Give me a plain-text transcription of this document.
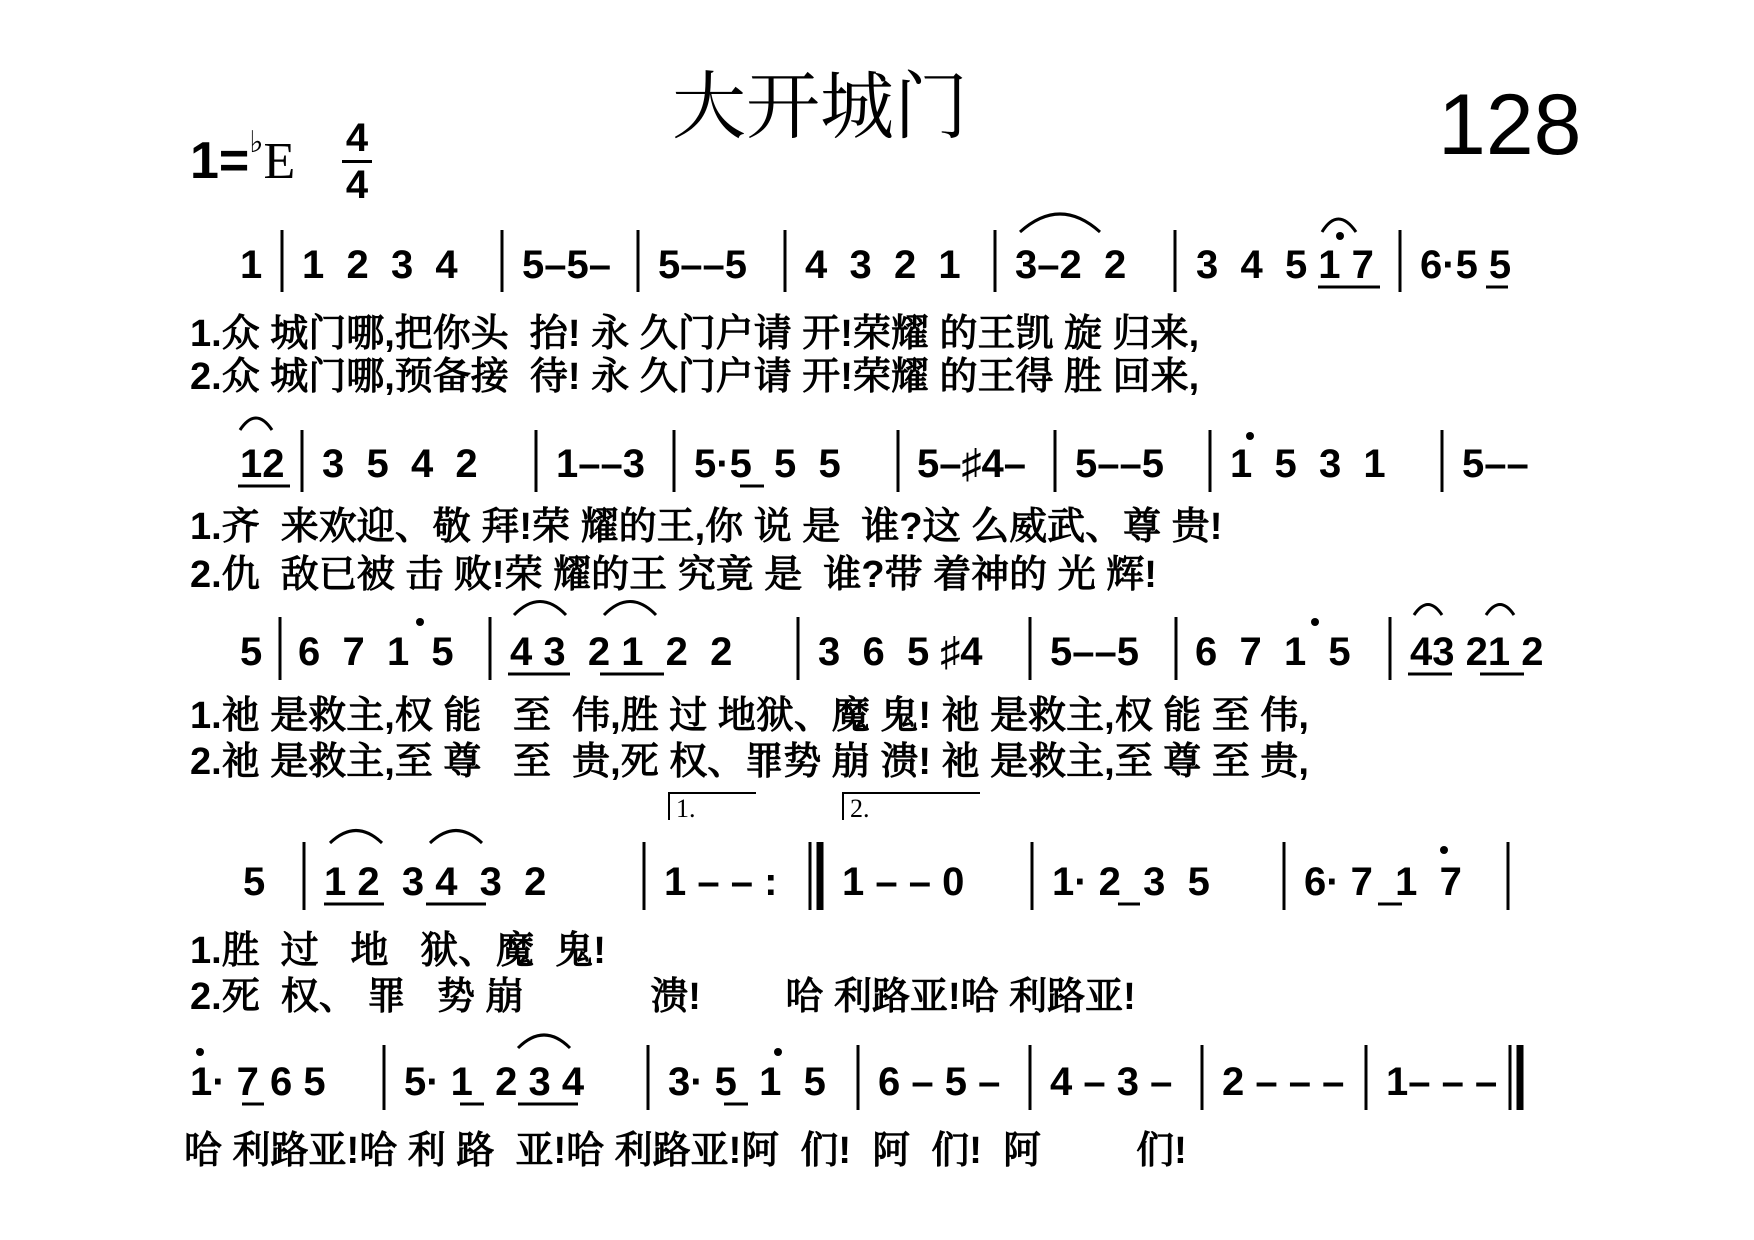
大开城门	128
1=♭E 4
4

1

1  2  3  4

5–5–

5––5

4  3  2  1

3–2  2

3  4  5 1 7

6·5 5

1.众 城门哪,把你头  抬! 永 久门户请 开!荣耀 的王凯 旋 归来,
2.众 城门哪,预备接  待! 永 久门户请 开!荣耀 的王得 胜 回来,

12

3  5  4  2

1––3

5·5  5  5

5–♯4–

5––5

1  5  3  1

5––

1.齐  来欢迎、敬 拜!荣 耀的王,你 说 是  谁?这 么威武、尊 贵!
2.仇  敌已被 击 败!荣 耀的王 究竟 是  谁?带 着神的 光 辉!

5

6  7  1  5

4 3  2 1  2  2

3  6  5 ♯4

5––5

6  7  1  5

43 21 2

1.祂 是救主,权 能   至  伟,胜 过 地狱、魔 鬼! 祂 是救主,权 能 至 伟,
2.祂 是救主,至 尊   至  贵,死 权、罪势 崩 溃! 祂 是救主,至 尊 至 贵,
1.	2.

5

1 2  3 4  3  2

	1 – – :

1 – – 0

1· 2  3  5

6· 7  1  7

1.胜  过   地   狱、魔  鬼!
2.死  权、 罪   势 崩            溃!        哈 利路亚!哈 利路亚!

1· 7 6 5

5· 1  2 3 4

3· 5  1  5

6 – 5 –

4 – 3 –

2 – – –

1– – –

哈 利路亚!哈 利 路  亚!哈 利路亚!阿  们!  阿  们!  阿         们!
